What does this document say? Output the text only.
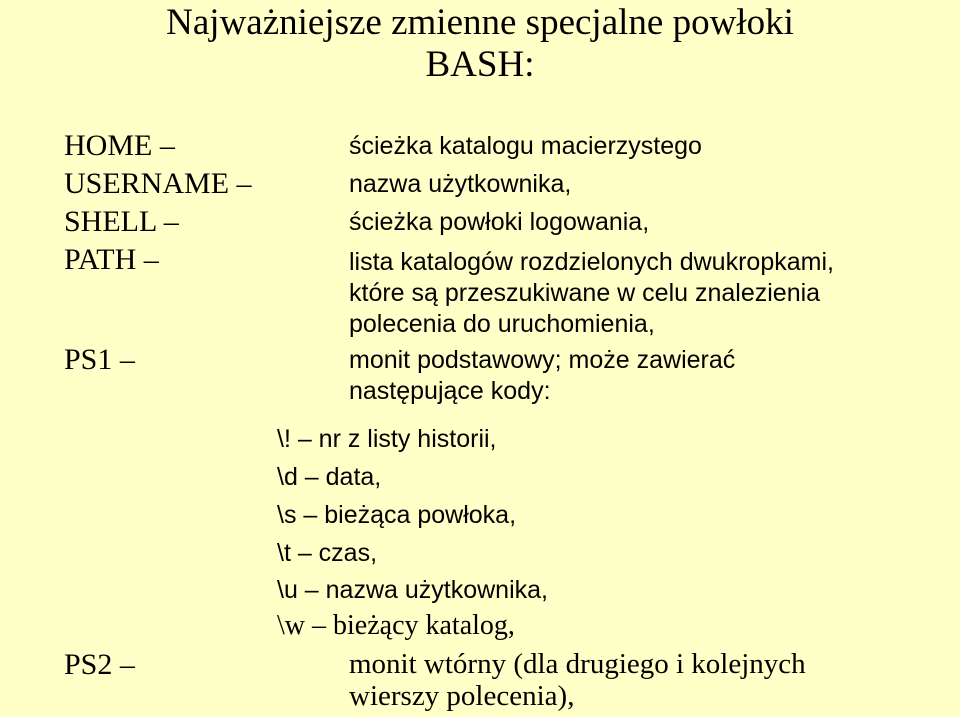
Najważniejsze zmienne specjalne powłoki
BASH:
HOME –	ścieżka katalogu macierzystego
USERNAME –	nazwa użytkownika,
SHELL –	ścieżka powłoki logowania,
PATH –	lista katalogów rozdzielonych dwukropkami,
które są przeszukiwane w celu znalezienia
polecenia do uruchomienia,
PS1 –	monit podstawowy; może zawierać
następujące kody:
\! – nr z listy historii,
\d – data,
\s – bieżąca powłoka,
\t – czas,
\u – nazwa użytkownika,
\w – bieżący katalog,
PS2 –	monit wtórny (dla drugiego i kolejnych
wierszy polecenia),
